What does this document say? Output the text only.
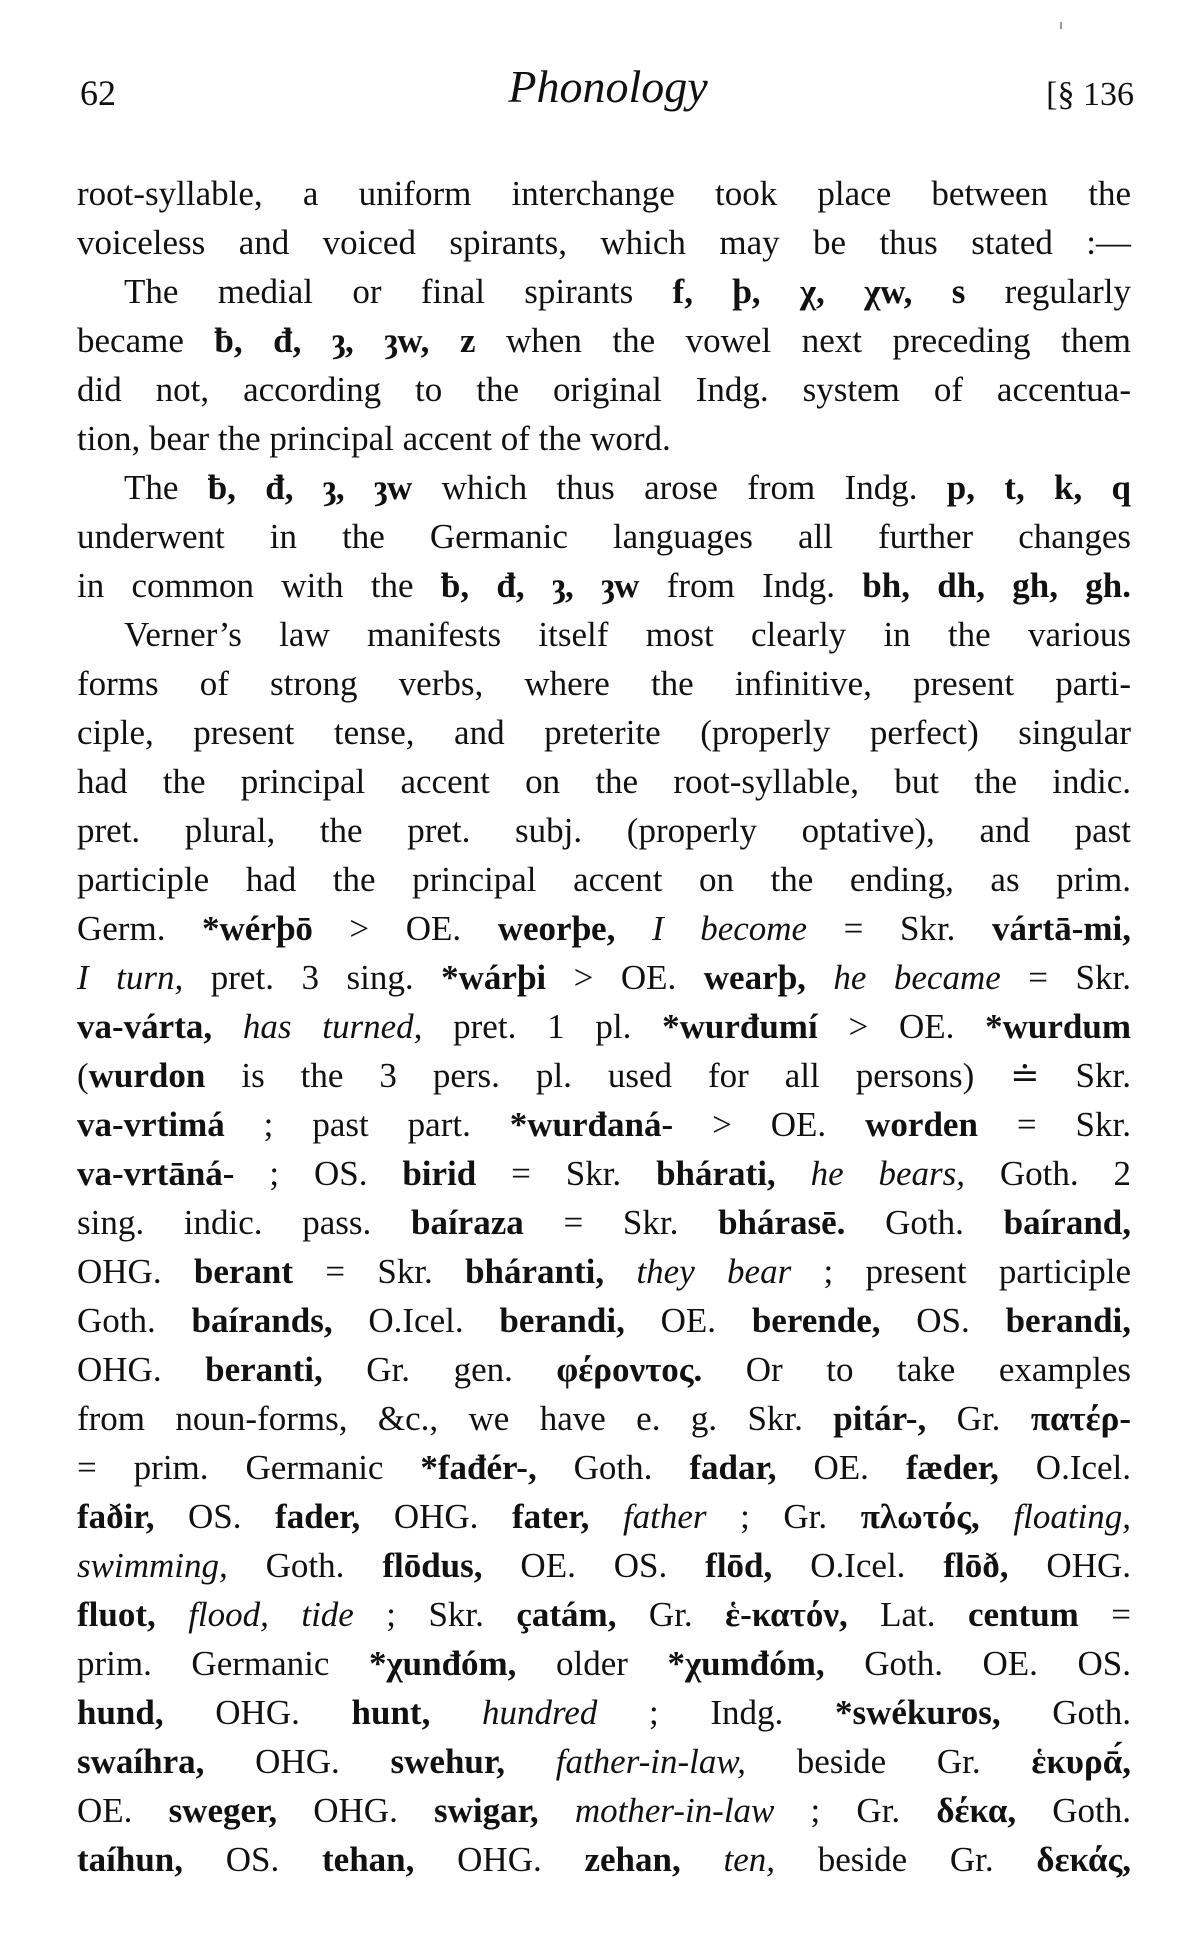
62	Phonology	[§ 136
root-syllable, a uniform interchange took place between the
voiceless and voiced spirants, which may be thus stated :—
The medial or final spirants f, þ, χ, χw, s regularly
became ƀ, đ, ȝ, ȝw, z when the vowel next preceding them
did not, according to the original Indg. system of accentua-
tion, bear the principal accent of the word.
The ƀ, đ, ȝ, ȝw which thus arose from Indg. p, t, k, q
underwent in the Germanic languages all further changes
in common with the ƀ, đ, ȝ, ȝw from Indg. bh, dh, gh, gh.
Verner’s law manifests itself most clearly in the various
forms of strong verbs, where the infinitive, present parti-
ciple, present tense, and preterite (properly perfect) singular
had the principal accent on the root-syllable, but the indic.
pret. plural, the pret. subj. (properly optative), and past
participle had the principal accent on the ending, as prim.
Germ. *wérþō > OE. weorþe, I become = Skr. vártā-mi,
I turn, pret. 3 sing. *wárþi > OE. wearþ, he became = Skr.
va-várta, has turned, pret. 1 pl. *wurđumí > OE. *wurdum
(wurdon is the 3 pers. pl. used for all persons) ≐ Skr.
va-vrtimá ; past part. *wurđaná- > OE. worden = Skr.
va-vrtāná- ; OS. birid = Skr. bhárati, he bears, Goth. 2
sing. indic. pass. baíraza = Skr. bhárasē. Goth. baírand,
OHG. berant = Skr. bháranti, they bear ; present participle
Goth. baírands, O.Icel. berandi, OE. berende, OS. berandi,
OHG. beranti, Gr. gen. φέροντος. Or to take examples
from noun-forms, &c., we have e. g. Skr. pitár-, Gr. πατέρ-
= prim. Germanic *fađér-, Goth. fadar, OE. fæder, O.Icel.
faðir, OS. fader, OHG. fater, father ; Gr. πλωτός, floating,
swimming, Goth. flōdus, OE. OS. flōd, O.Icel. flōð, OHG.
fluot, flood, tide ; Skr. çatám, Gr. ἑ-κατόν, Lat. centum =
prim. Germanic *χunđóm, older *χumđóm, Goth. OE. OS.
hund, OHG. hunt, hundred ; Indg. *swékuros, Goth.
swaíhra, OHG. swehur, father-in-law, beside Gr. ἑκυρᾱ́,
OE. sweger, OHG. swigar, mother-in-law ; Gr. δέκα, Goth.
taíhun, OS. tehan, OHG. zehan, ten, beside Gr. δεκάς,
